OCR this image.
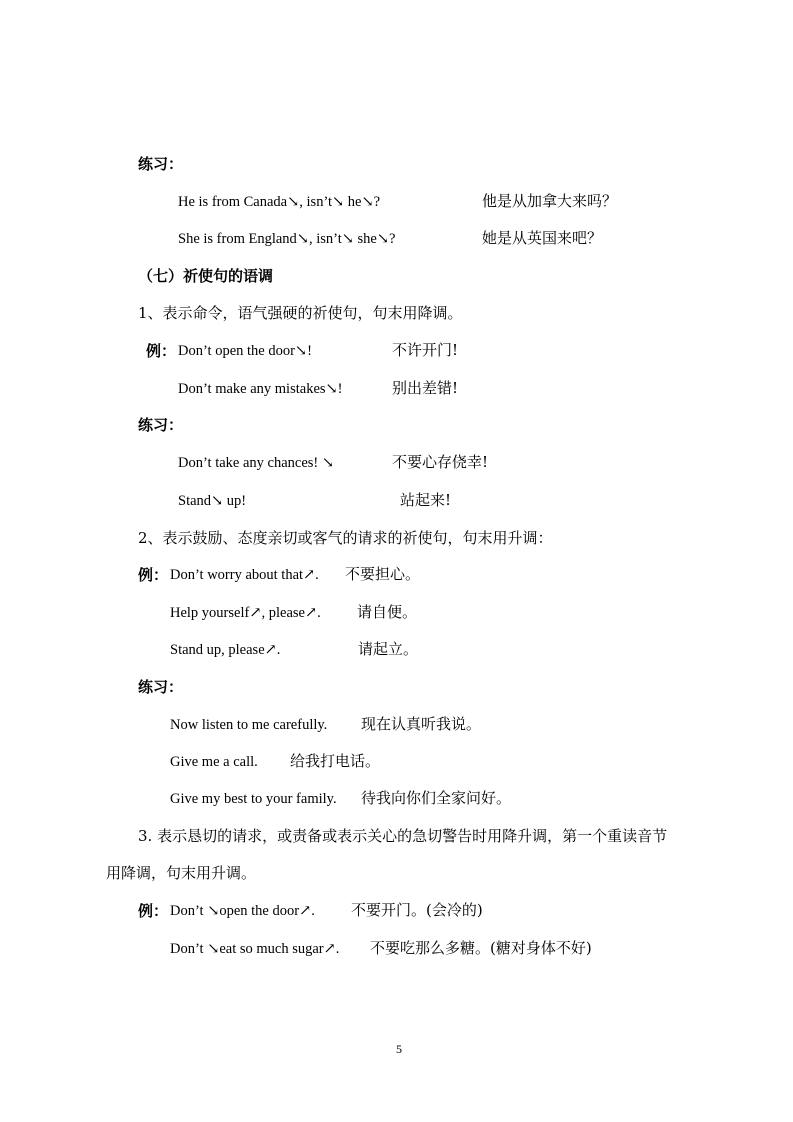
练习：
He is from Canada↘, isn’t↘ he↘?	他是从加拿大来吗？
She is from England↘, isn’t↘ she↘?	她是从英国来吧？
（七）祈使句的语调
1、表示命令，语气强硬的祈使句，句末用降调。
例： Don’t open the door↘!	不许开门!
Don’t make any mistakes↘!	别出差错!
练习：
Don’t take any chances! ↘	不要心存侥幸!
Stand↘ up!	站起来!
2、表示鼓励、态度亲切或客气的请求的祈使句，句末用升调：
例： Don’t worry about that↗. 不要担心。
Help yourself↗, please↗. 请自便。
Stand up, please↗.	请起立。
练习：
Now listen to me carefully. 现在认真听我说。
Give me a call. 给我打电话。
Give my best to your family. 待我向你们全家问好。
3. 表示恳切的请求，或责备或表示关心的急切警告时用降升调，第一个重读音节
用降调，句末用升调。
例： Don’t ↘open the door↗. 不要开门。(会冷的)
Don’t ↘eat so much sugar↗. 不要吃那么多糖。(糖对身体不好)
5
